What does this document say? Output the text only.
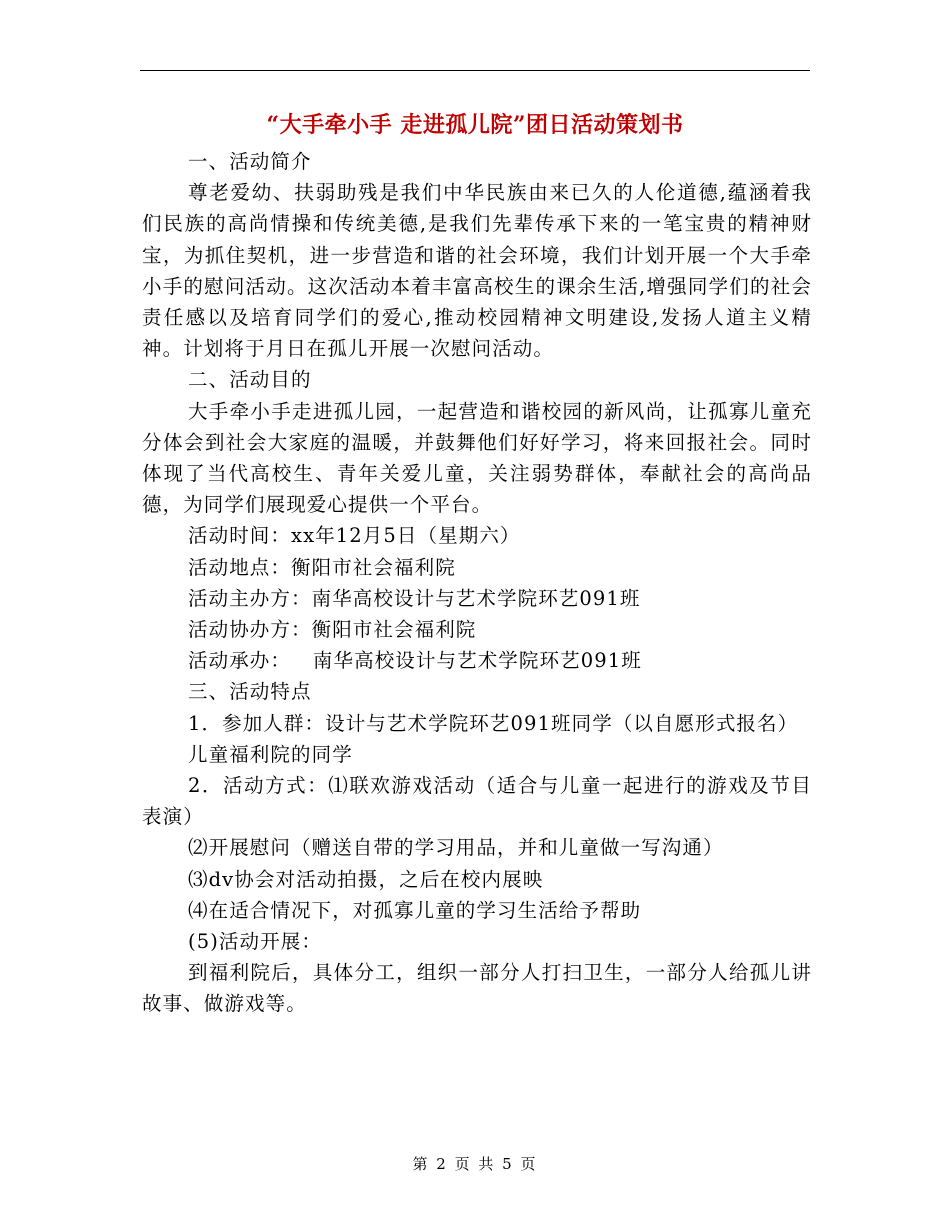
“大手牵小手 走进孤儿院”团日活动策划书

一、活动简介

尊老爱幼、扶弱助残是我们中华民族由来已久的人伦道德,蕴涵着我们民族的高尚情操和传统美德,是我们先辈传承下来的一笔宝贵的精神财宝，为抓住契机，进一步营造和谐的社会环境，我们计划开展一个大手牵小手的慰问活动。这次活动本着丰富高校生的课余生活,增强同学们的社会责任感以及培育同学们的爱心,推动校园精神文明建设,发扬人道主义精神。计划将于月日在孤儿开展一次慰问活动。

二、活动目的

大手牵小手走进孤儿园，一起营造和谐校园的新风尚，让孤寡儿童充分体会到社会大家庭的温暖，并鼓舞他们好好学习，将来回报社会。同时体现了当代高校生、青年关爱儿童，关注弱势群体，奉献社会的高尚品德，为同学们展现爱心提供一个平台。

活动时间：xx年12月5日（星期六）

活动地点：衡阳市社会福利院

活动主办方：南华高校设计与艺术学院环艺091班

活动协办方：衡阳市社会福利院

活动承办：   南华高校设计与艺术学院环艺091班

三、活动特点

1．参加人群：设计与艺术学院环艺091班同学（以自愿形式报名）

儿童福利院的同学

2．活动方式：⑴联欢游戏活动（适合与儿童一起进行的游戏及节目表演）

⑵开展慰问（赠送自带的学习用品，并和儿童做一写沟通）

⑶dv协会对活动拍摄，之后在校内展映

⑷在适合情况下，对孤寡儿童的学习生活给予帮助

(5)活动开展：

到福利院后，具体分工，组织一部分人打扫卫生，一部分人给孤儿讲故事、做游戏等。

第 2 页 共 5 页
